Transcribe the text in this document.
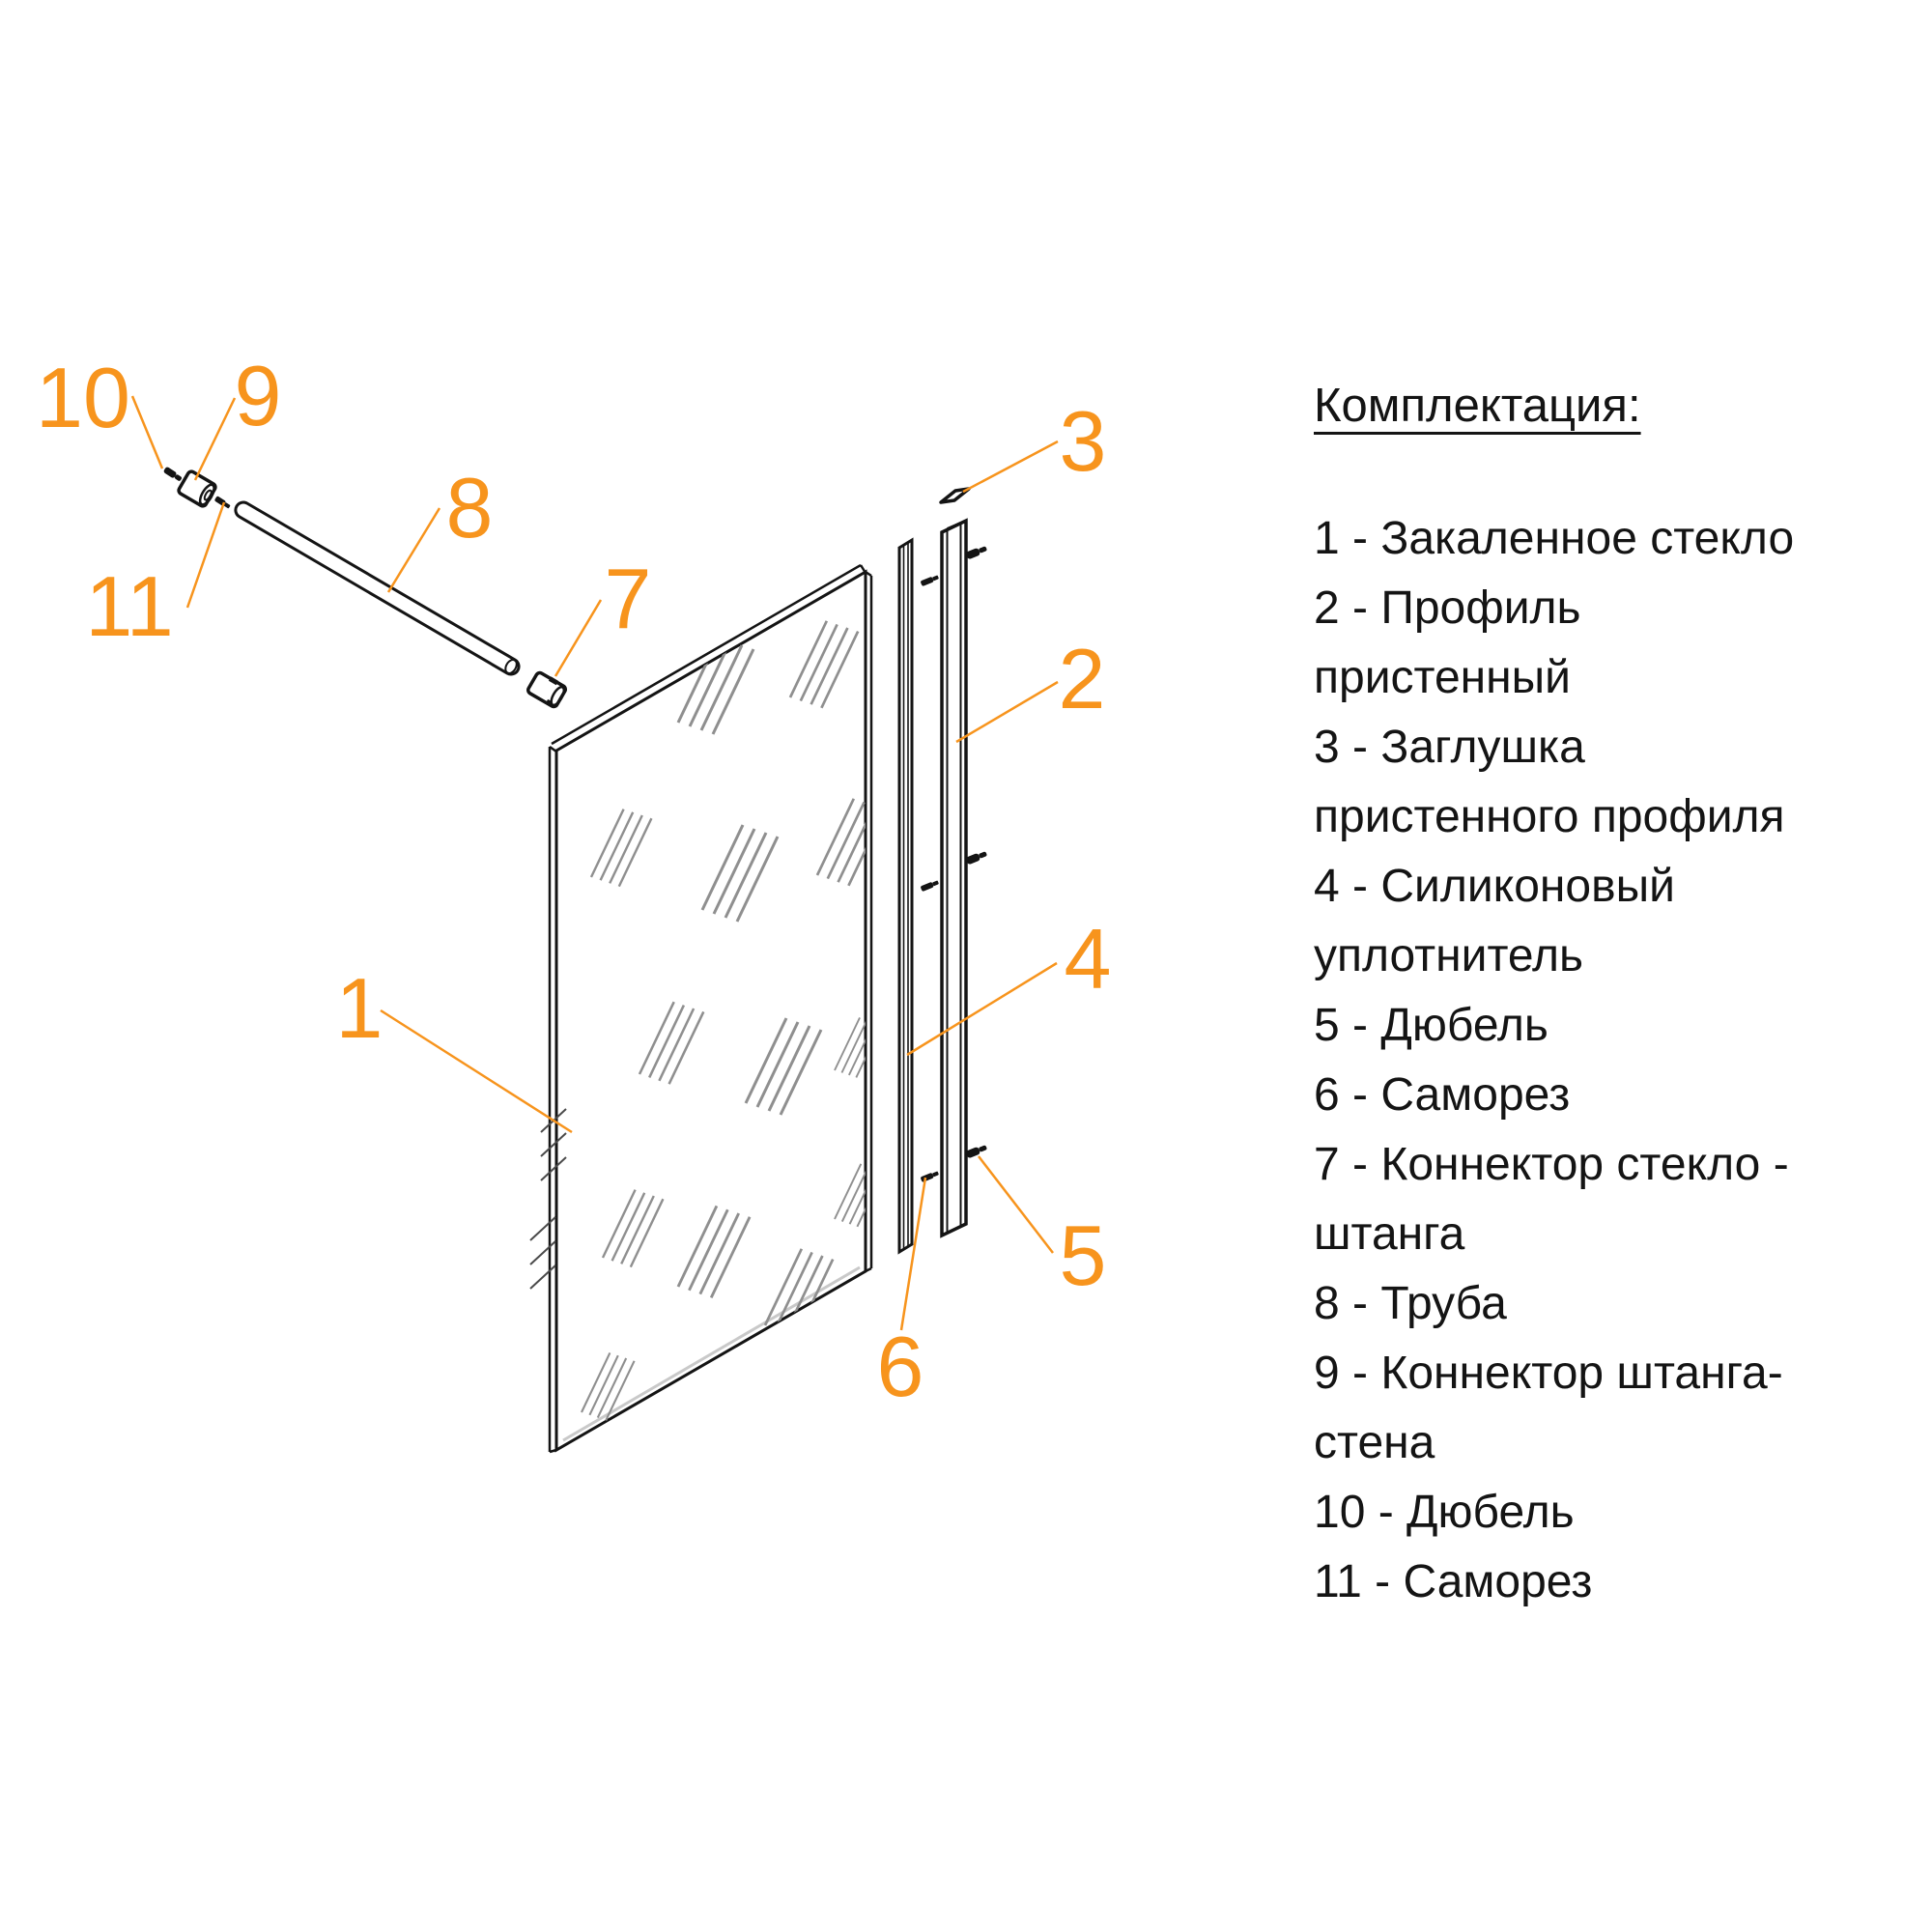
1
2
3
4
5
6
7
8
9
10
11
Комплектация:
1 - Закаленное стекло
2 - Профиль
пристенный
3 - Заглушка
пристенного профиля
4 - Силиконовый
уплотнитель
5 - Дюбель
6 - Саморез
7 - Коннектор стекло -
штанга
8 - Труба
9 - Коннектор штанга-
стена
10 - Дюбель
11 - Саморез
